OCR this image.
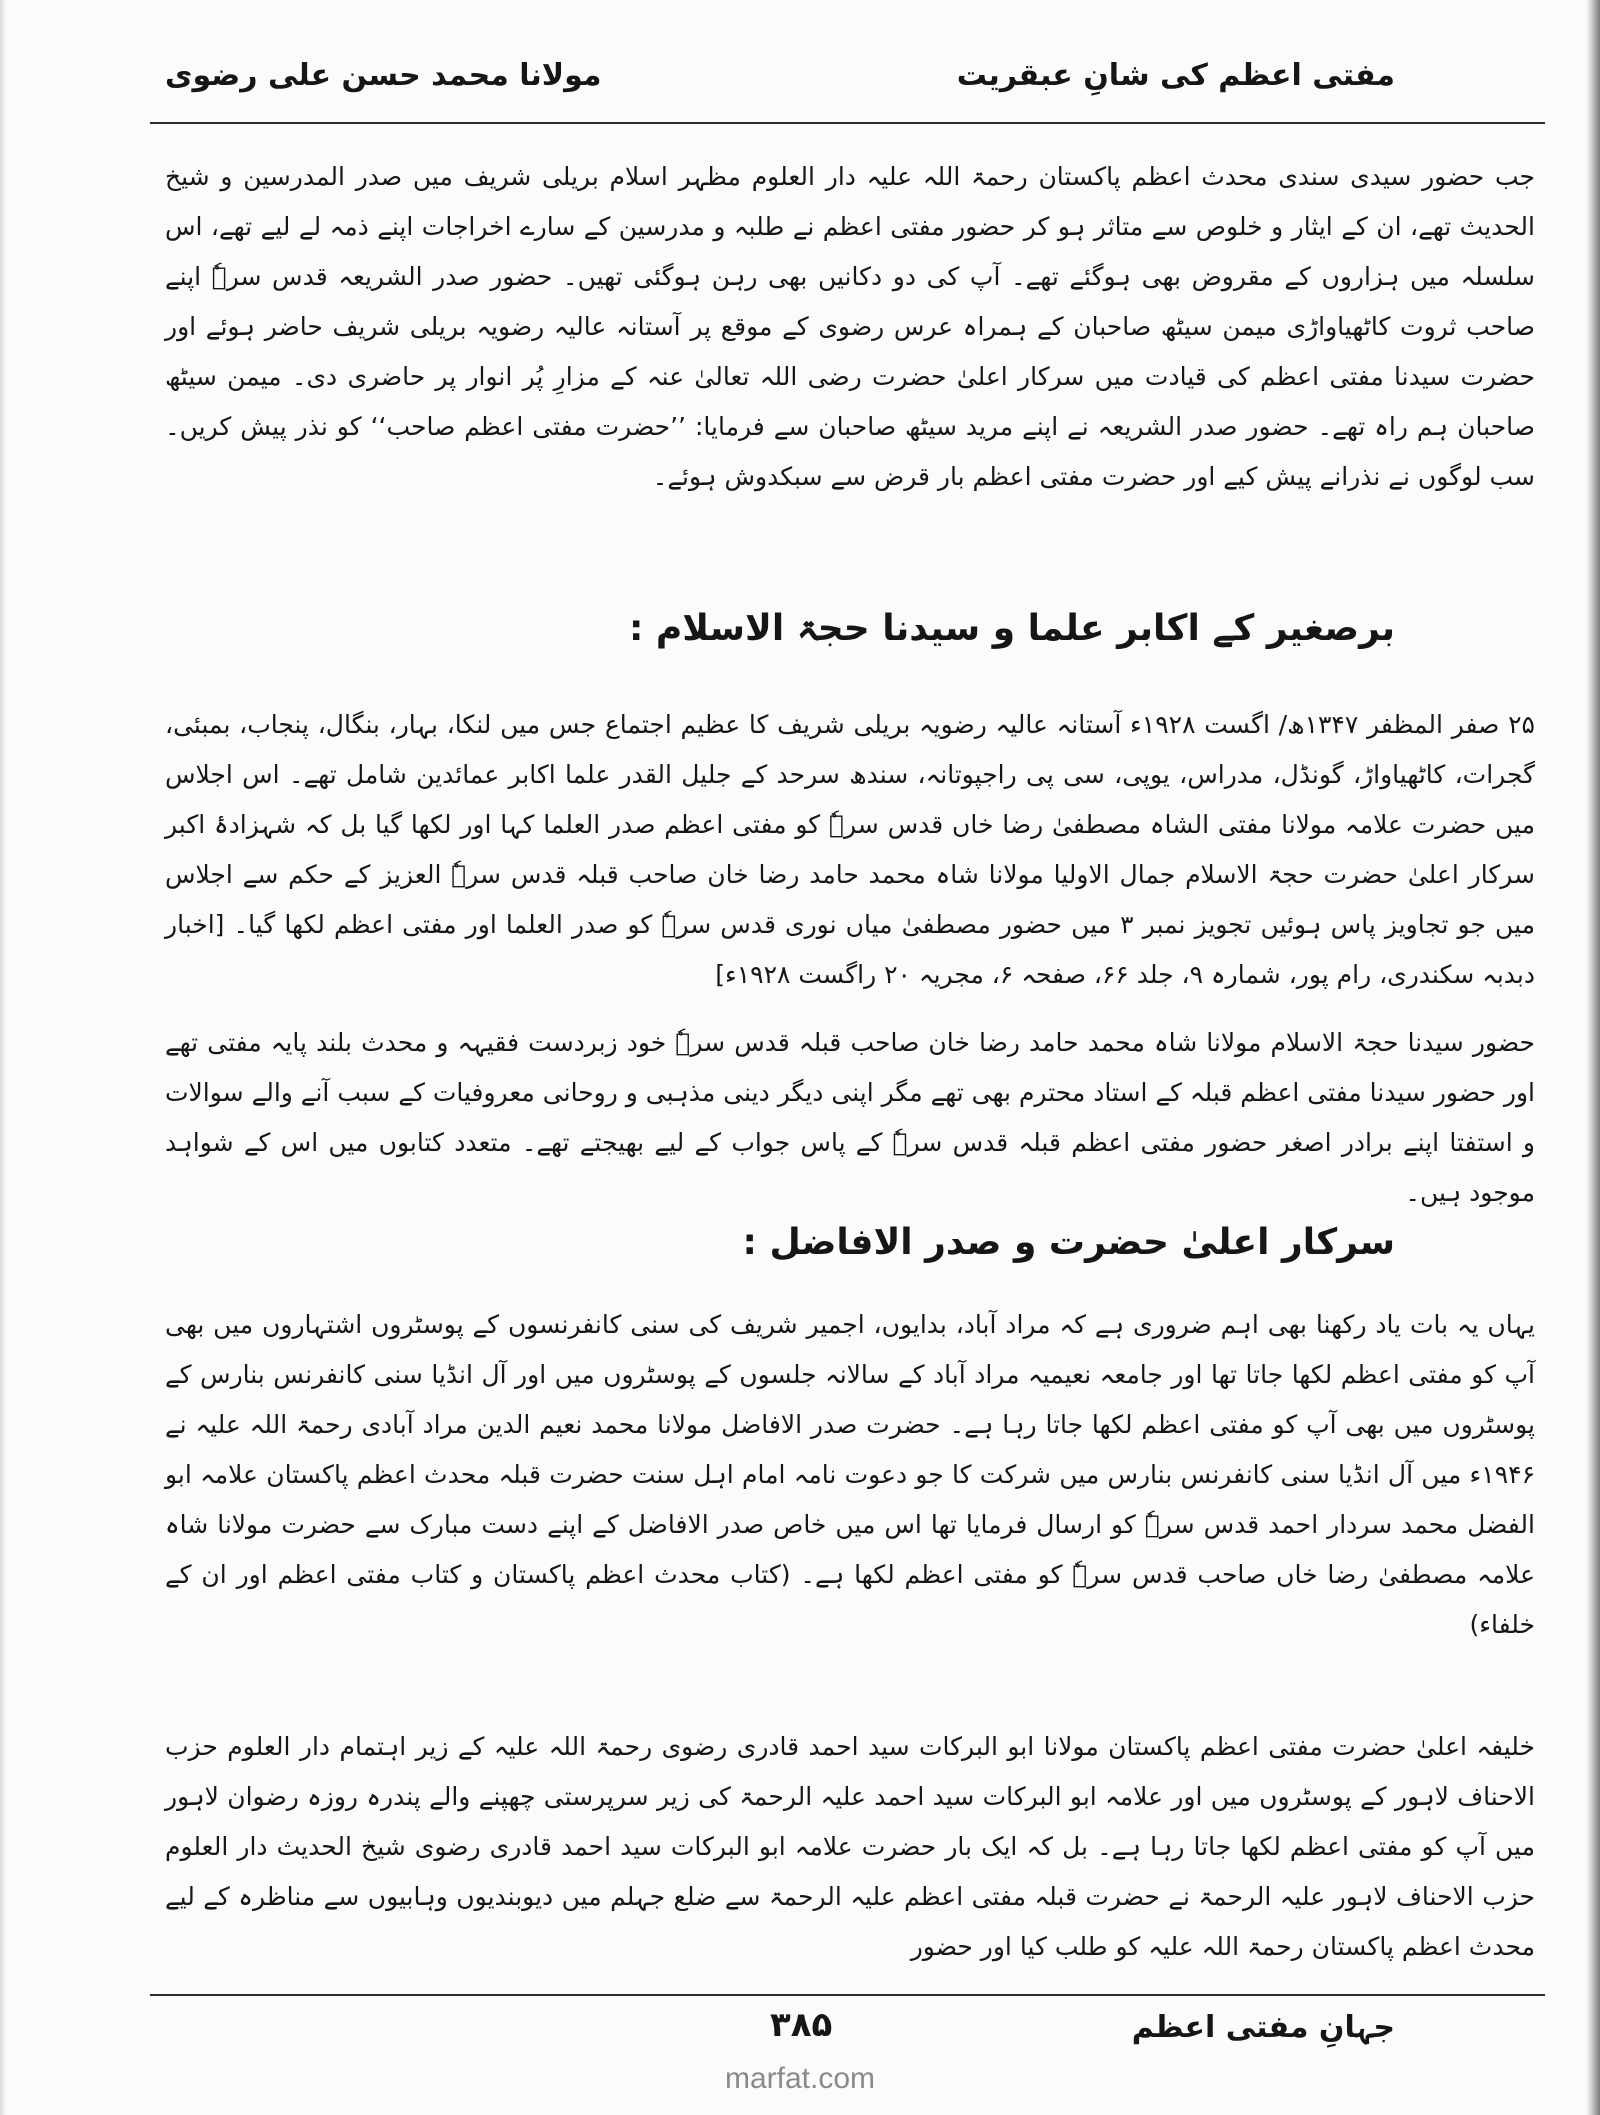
مفتی اعظم کی شانِ عبقریت
مولانا محمد حسن علی رضوی

جب حضور سیدی سندی محدث اعظم پاکستان رحمۃ اللہ علیہ دار العلوم مظہر اسلام بریلی شریف میں صدر المدرسین و شیخ الحدیث تھے، ان کے ایثار و خلوص سے متاثر ہو کر حضور مفتی اعظم نے طلبہ و مدرسین کے سارے اخراجات اپنے ذمہ لے لیے تھے، اس سلسلہ میں ہزاروں کے مقروض بھی ہوگئے تھے۔ آپ کی دو دکانیں بھی رہن ہوگئی تھیں۔ حضور صدر الشریعہ قدس سرہٗ اپنے صاحب ثروت کاٹھیاواڑی میمن سیٹھ صاحبان کے ہمراہ عرس رضوی کے موقع پر آستانہ عالیہ رضویہ بریلی شریف حاضر ہوئے اور حضرت سیدنا مفتی اعظم کی قیادت میں سرکار اعلیٰ حضرت رضی اللہ تعالیٰ عنہ کے مزارِ پُر انوار پر حاضری دی۔ میمن سیٹھ صاحبان ہم راہ تھے۔ حضور صدر الشریعہ نے اپنے مرید سیٹھ صاحبان سے فرمایا: ’’حضرت مفتی اعظم صاحب‘‘ کو نذر پیش کریں۔ سب لوگوں نے نذرانے پیش کیے اور حضرت مفتی اعظم بار قرض سے سبکدوش ہوئے۔

برصغیر کے اکابر علما و سیدنا حجۃ الاسلام :

۲۵ صفر المظفر ۱۳۴۷ھ/ اگست ۱۹۲۸ء آستانہ عالیہ رضویہ بریلی شریف کا عظیم اجتماع جس میں لنکا، بہار، بنگال، پنجاب، بمبئی، گجرات، کاٹھیاواڑ، گونڈل، مدراس، یوپی، سی پی راجپوتانہ، سندھ سرحد کے جلیل القدر علما اکابر عمائدین شامل تھے۔ اس اجلاس میں حضرت علامہ مولانا مفتی الشاہ مصطفیٰ رضا خاں قدس سرہٗ کو مفتی اعظم صدر العلما کہا اور لکھا گیا بل کہ شہزادۂ اکبر سرکار اعلیٰ حضرت حجۃ الاسلام جمال الاولیا مولانا شاہ محمد حامد رضا خان صاحب قبلہ قدس سرہٗ العزیز کے حکم سے اجلاس میں جو تجاویز پاس ہوئیں تجویز نمبر ۳ میں حضور مصطفیٰ میاں نوری قدس سرہٗ کو صدر العلما اور مفتی اعظم لکھا گیا۔ [اخبار دبدبہ سکندری، رام پور، شمارہ ۹، جلد ۶۶، صفحہ ۶، مجریہ ۲۰ راگست ۱۹۲۸ء]

حضور سیدنا حجۃ الاسلام مولانا شاہ محمد حامد رضا خان صاحب قبلہ قدس سرہٗ خود زبردست فقیہہ و محدث بلند پایہ مفتی تھے اور حضور سیدنا مفتی اعظم قبلہ کے استاد محترم بھی تھے مگر اپنی دیگر دینی مذہبی و روحانی معروفیات کے سبب آنے والے سوالات و استفتا اپنے برادر اصغر حضور مفتی اعظم قبلہ قدس سرہٗ کے پاس جواب کے لیے بھیجتے تھے۔ متعدد کتابوں میں اس کے شواہد موجود ہیں۔

سرکار اعلیٰ حضرت و صدر الافاضل :

یہاں یہ بات یاد رکھنا بھی اہم ضروری ہے کہ مراد آباد، بدایوں، اجمیر شریف کی سنی کانفرنسوں کے پوسٹروں اشتہاروں میں بھی آپ کو مفتی اعظم لکھا جاتا تھا اور جامعہ نعیمیہ مراد آباد کے سالانہ جلسوں کے پوسٹروں میں اور آل انڈیا سنی کانفرنس بنارس کے پوسٹروں میں بھی آپ کو مفتی اعظم لکھا جاتا رہا ہے۔ حضرت صدر الافاضل مولانا محمد نعیم الدین مراد آبادی رحمۃ اللہ علیہ نے ۱۹۴۶ء میں آل انڈیا سنی کانفرنس بنارس میں شرکت کا جو دعوت نامہ امام اہل سنت حضرت قبلہ محدث اعظم پاکستان علامہ ابو الفضل محمد سردار احمد قدس سرہٗ کو ارسال فرمایا تھا اس میں خاص صدر الافاضل کے اپنے دست مبارک سے حضرت مولانا شاہ علامہ مصطفیٰ رضا خاں صاحب قدس سرہٗ کو مفتی اعظم لکھا ہے۔ (کتاب محدث اعظم پاکستان و کتاب مفتی اعظم اور ان کے خلفاء)

خلیفہ اعلیٰ حضرت مفتی اعظم پاکستان مولانا ابو البرکات سید احمد قادری رضوی رحمۃ اللہ علیہ کے زیر اہتمام دار العلوم حزب الاحناف لاہور کے پوسٹروں میں اور علامہ ابو البرکات سید احمد علیہ الرحمۃ کی زیر سرپرستی چھپنے والے پندرہ روزہ رضوان لاہور میں آپ کو مفتی اعظم لکھا جاتا رہا ہے۔ بل کہ ایک بار حضرت علامہ ابو البرکات سید احمد قادری رضوی شیخ الحدیث دار العلوم حزب الاحناف لاہور علیہ الرحمۃ نے حضرت قبلہ مفتی اعظم علیہ الرحمۃ سے ضلع جہلم میں دیوبندیوں وہابیوں سے مناظرہ کے لیے محدث اعظم پاکستان رحمۃ اللہ علیہ کو طلب کیا اور حضور

۳۸۵	جہانِ مفتی اعظم
marfat.com
